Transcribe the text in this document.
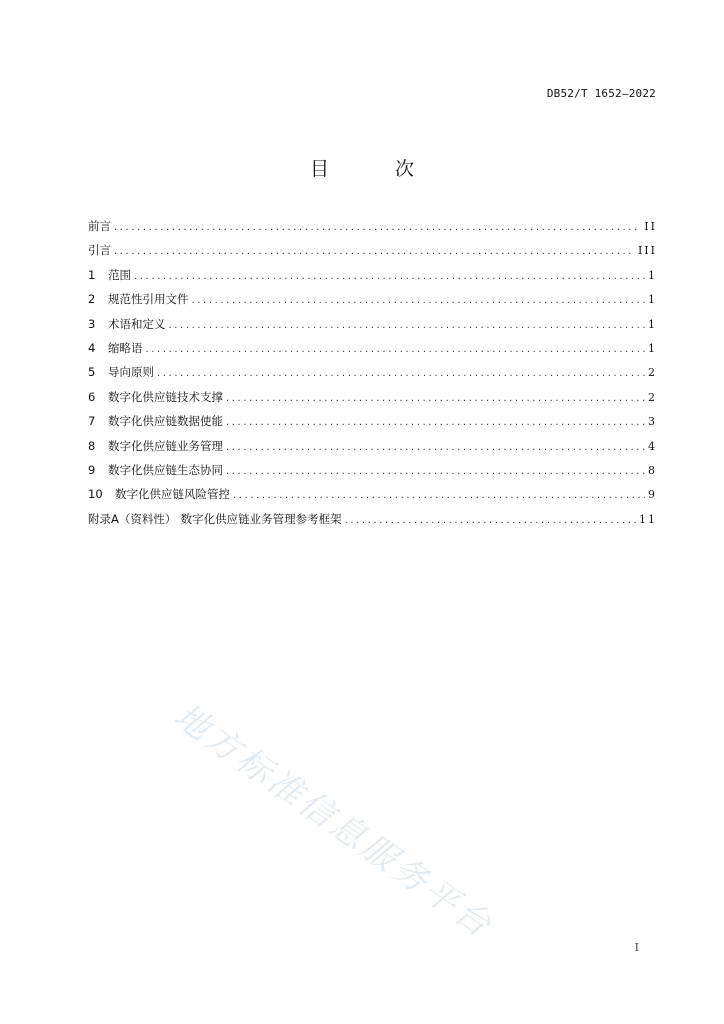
DB52/T 1652—2022
目 次
前言 .....	II
引言 .....	III
1	范围 .....	1
2	规范性引用文件 .....	1
3	术语和定义 .....	1
4	缩略语 .....	1
5	导向原则 .....	2
6	数字化供应链技术支撑 .....	2
7	数字化供应链数据使能 .....	3
8	数字化供应链业务管理 .....	4
9	数字化供应链生态协同 .....	8
10	数字化供应链风险管控 .....	9
附录A（资料性） 数字化供应链业务管理参考框架 .....	11
地方标准信息服务平台
I
